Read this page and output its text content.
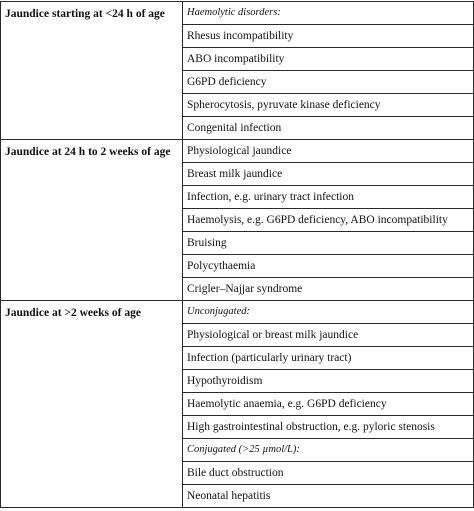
Jaundice starting at <24 h of age	Haemolytic disorders:
	Rhesus incompatibility
	ABO incompatibility
	G6PD deficiency
	Spherocytosis, pyruvate kinase deficiency
	Congenital infection
Jaundice at 24 h to 2 weeks of age	Physiological jaundice
	Breast milk jaundice
	Infection, e.g. urinary tract infection
	Haemolysis, e.g. G6PD deficiency, ABO incompatibility
	Bruising
	Polycythaemia
	Crigler–Najjar syndrome
Jaundice at >2 weeks of age	Unconjugated:
	Physiological or breast milk jaundice
	Infection (particularly urinary tract)
	Hypothyroidism
	Haemolytic anaemia, e.g. G6PD deficiency
	High gastrointestinal obstruction, e.g. pyloric stenosis
	Conjugated (>25 µmol/L):
	Bile duct obstruction
	Neonatal hepatitis
